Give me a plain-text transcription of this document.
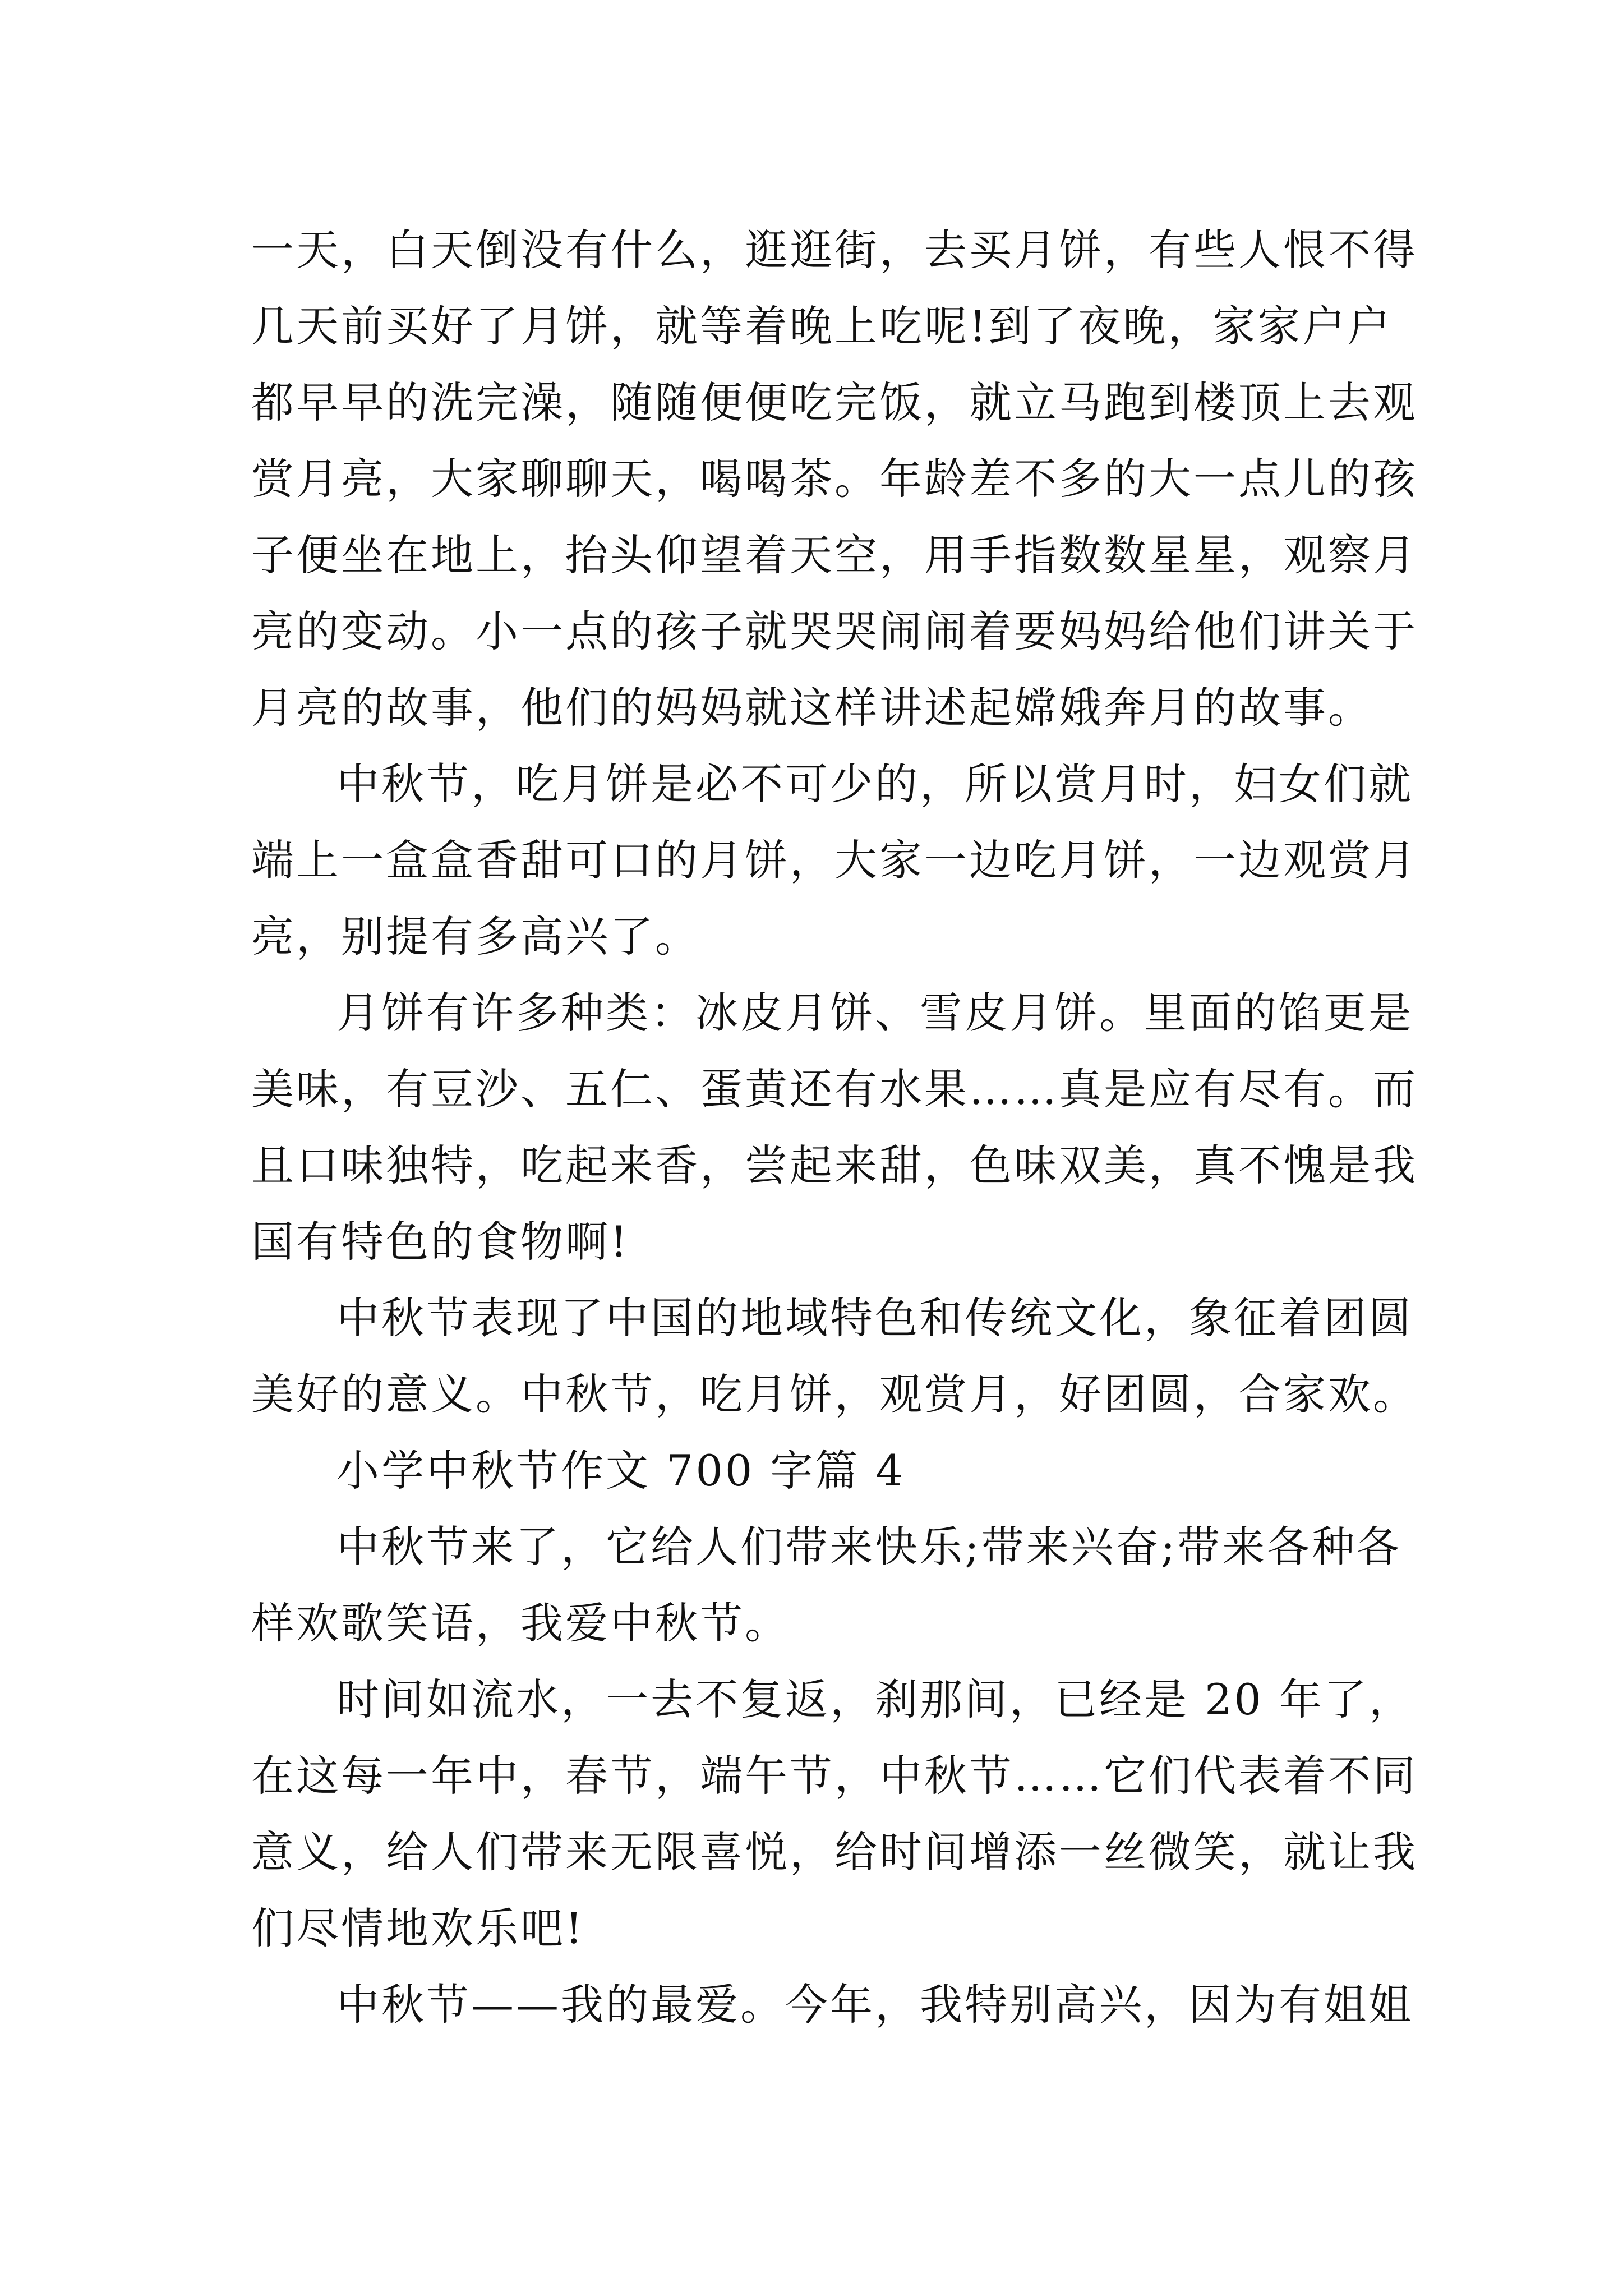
一天，白天倒没有什么，逛逛街，去买月饼，有些人恨不得
几天前买好了月饼，就等着晚上吃呢!到了夜晚，家家户户
都早早的洗完澡，随随便便吃完饭，就立马跑到楼顶上去观
赏月亮，大家聊聊天，喝喝茶。年龄差不多的大一点儿的孩
子便坐在地上，抬头仰望着天空，用手指数数星星，观察月
亮的变动。小一点的孩子就哭哭闹闹着要妈妈给他们讲关于
月亮的故事，他们的妈妈就这样讲述起嫦娥奔月的故事。
中秋节，吃月饼是必不可少的，所以赏月时，妇女们就
端上一盒盒香甜可口的月饼，大家一边吃月饼，一边观赏月
亮，别提有多高兴了。
月饼有许多种类：冰皮月饼、雪皮月饼。里面的馅更是
美味，有豆沙、五仁、蛋黄还有水果……真是应有尽有。而
且口味独特，吃起来香，尝起来甜，色味双美，真不愧是我
国有特色的食物啊!
中秋节表现了中国的地域特色和传统文化，象征着团圆
美好的意义。中秋节，吃月饼，观赏月，好团圆，合家欢。
小学中秋节作文 700 字篇 4
中秋节来了，它给人们带来快乐;带来兴奋;带来各种各
样欢歌笑语，我爱中秋节。
时间如流水，一去不复返，刹那间，已经是 20 年了，
在这每一年中，春节，端午节，中秋节……它们代表着不同
意义，给人们带来无限喜悦，给时间增添一丝微笑，就让我
们尽情地欢乐吧!
中秋节——我的最爱。今年，我特别高兴，因为有姐姐
